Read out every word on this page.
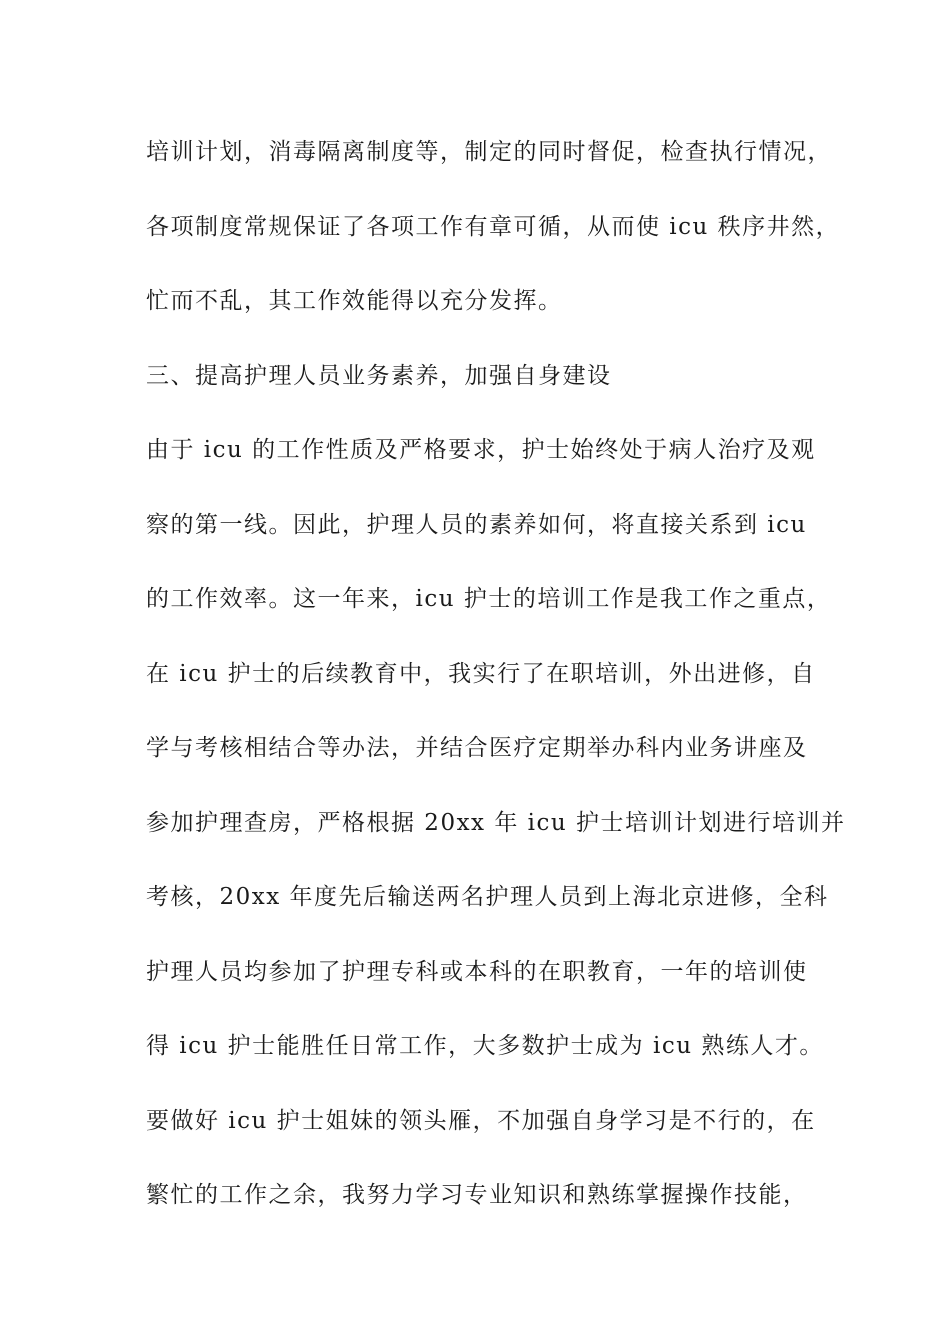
培训计划，消毒隔离制度等，制定的同时督促，检查执行情况，

各项制度常规保证了各项工作有章可循，从而使 icu 秩序井然，

忙而不乱，其工作效能得以充分发挥。

三、提高护理人员业务素养，加强自身建设

由于 icu 的工作性质及严格要求，护士始终处于病人治疗及观

察的第一线。因此，护理人员的素养如何，将直接关系到 icu

的工作效率。这一年来，icu 护士的培训工作是我工作之重点，

在 icu 护士的后续教育中，我实行了在职培训，外出进修，自

学与考核相结合等办法，并结合医疗定期举办科内业务讲座及

参加护理查房，严格根据 20xx 年 icu 护士培训计划进行培训并

考核，20xx 年度先后输送两名护理人员到上海北京进修，全科

护理人员均参加了护理专科或本科的在职教育，一年的培训使

得 icu 护士能胜任日常工作，大多数护士成为 icu 熟练人才。

要做好 icu 护士姐妹的领头雁，不加强自身学习是不行的，在

繁忙的工作之余，我努力学习专业知识和熟练掌握操作技能，
